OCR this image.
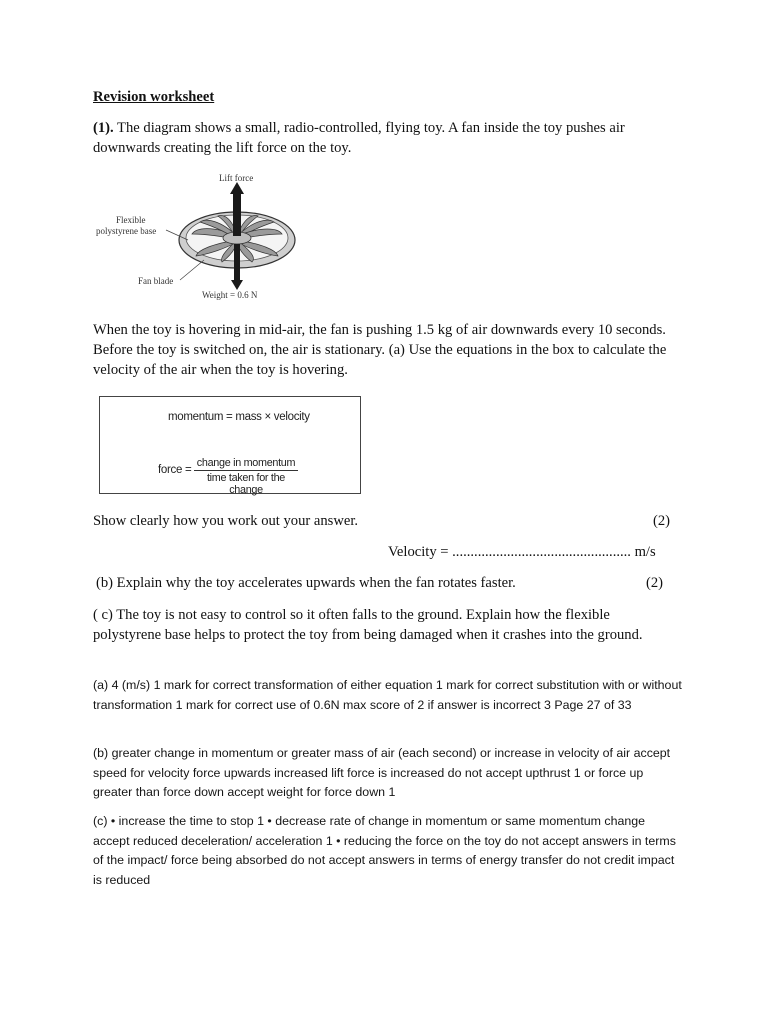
Revision worksheet
(1). The diagram shows a small, radio-controlled, flying toy. A fan inside the toy pushes air downwards creating the lift force on the toy.
Lift force
Flexible
polystyrene base
Fan blade
Weight = 0.6 N
When the toy is hovering in mid-air, the fan is pushing 1.5 kg of air downwards every 10 seconds. Before the toy is switched on, the air is stationary. (a) Use the equations in the box to calculate the velocity of the air when the toy is hovering.
momentum = mass × velocity
force =
change in momentum
time taken for the change
Show clearly how you work out your answer.	(2)
Velocity = ................................................. m/s
(b) Explain why the toy accelerates upwards when the fan rotates faster.	(2)
( c) The toy is not easy to control so it often falls to the ground. Explain how the flexible polystyrene base helps to protect the toy from being damaged when it crashes into the ground.
(a) 4 (m/s) 1 mark for correct transformation of either equation 1 mark for correct substitution with or without transformation 1 mark for correct use of 0.6N max score of 2 if answer is incorrect 3 Page 27 of 33
(b) greater change in momentum or greater mass of air (each second) or increase in velocity of air accept speed for velocity force upwards increased lift force is increased do not accept upthrust 1 or force up greater than force down accept weight for force down 1
(c) • increase the time to stop 1 • decrease rate of change in momentum or same momentum change accept reduced deceleration/ acceleration 1 • reducing the force on the toy do not accept answers in terms of the impact/ force being absorbed do not accept answers in terms of energy transfer do not credit impact is reduced
